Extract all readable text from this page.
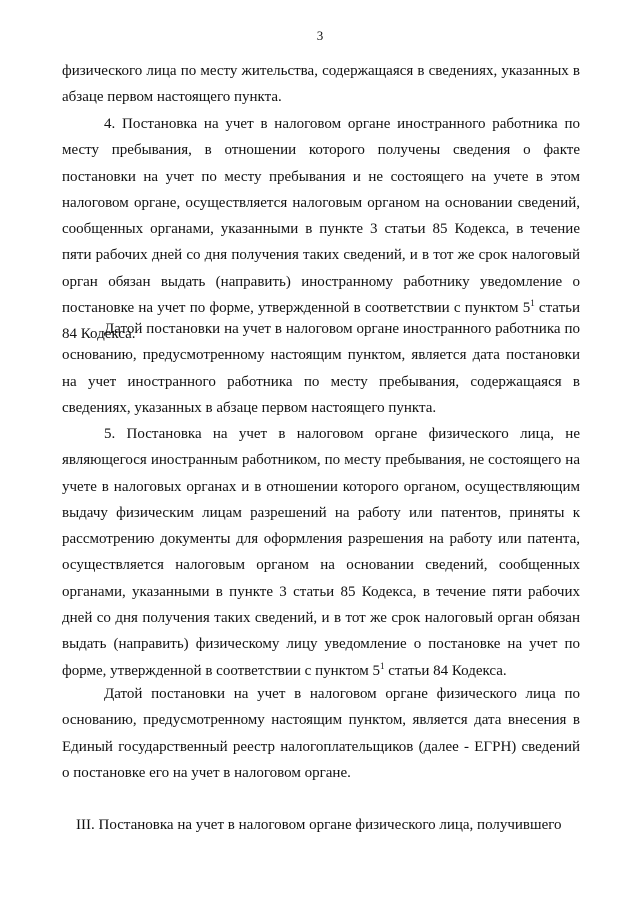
3

физического лица по месту жительства, содержащаяся в сведениях, указанных в абзаце первом настоящего пункта.

4. Постановка на учет в налоговом органе иностранного работника по месту пребывания, в отношении которого получены сведения о факте постановки на учет по месту пребывания и не состоящего на учете в этом налоговом органе, осуществляется налоговым органом на основании сведений, сообщенных органами, указанными в пункте 3 статьи 85 Кодекса, в течение пяти рабочих дней со дня получения таких сведений, и в тот же срок налоговый орган обязан выдать (направить) иностранному работнику уведомление о постановке на учет по форме, утвержденной в соответствии с пунктом $5^1$ статьи 84 Кодекса.

Датой постановки на учет в налоговом органе иностранного работника по основанию, предусмотренному настоящим пунктом, является дата постановки на учет иностранного работника по месту пребывания, содержащаяся в сведениях, указанных в абзаце первом настоящего пункта.

5. Постановка на учет в налоговом органе физического лица, не являющегося иностранным работником, по месту пребывания, не состоящего на учете в налоговых органах и в отношении которого органом, осуществляющим выдачу физическим лицам разрешений на работу или патентов, приняты к рассмотрению документы для оформления разрешения на работу или патента, осуществляется налоговым органом на основании сведений, сообщенных органами, указанными в пункте 3 статьи 85 Кодекса, в течение пяти рабочих дней со дня получения таких сведений, и в тот же срок налоговый орган обязан выдать (направить) физическому лицу уведомление о постановке на учет по форме, утвержденной в соответствии с пунктом $5^1$ статьи 84 Кодекса.

Датой постановки на учет в налоговом органе физического лица по основанию, предусмотренному настоящим пунктом, является дата внесения в Единый государственный реестр налогоплательщиков (далее - ЕГРН) сведений о постановке его на учет в налоговом органе.

III. Постановка на учет в налоговом органе физического лица, получившего
